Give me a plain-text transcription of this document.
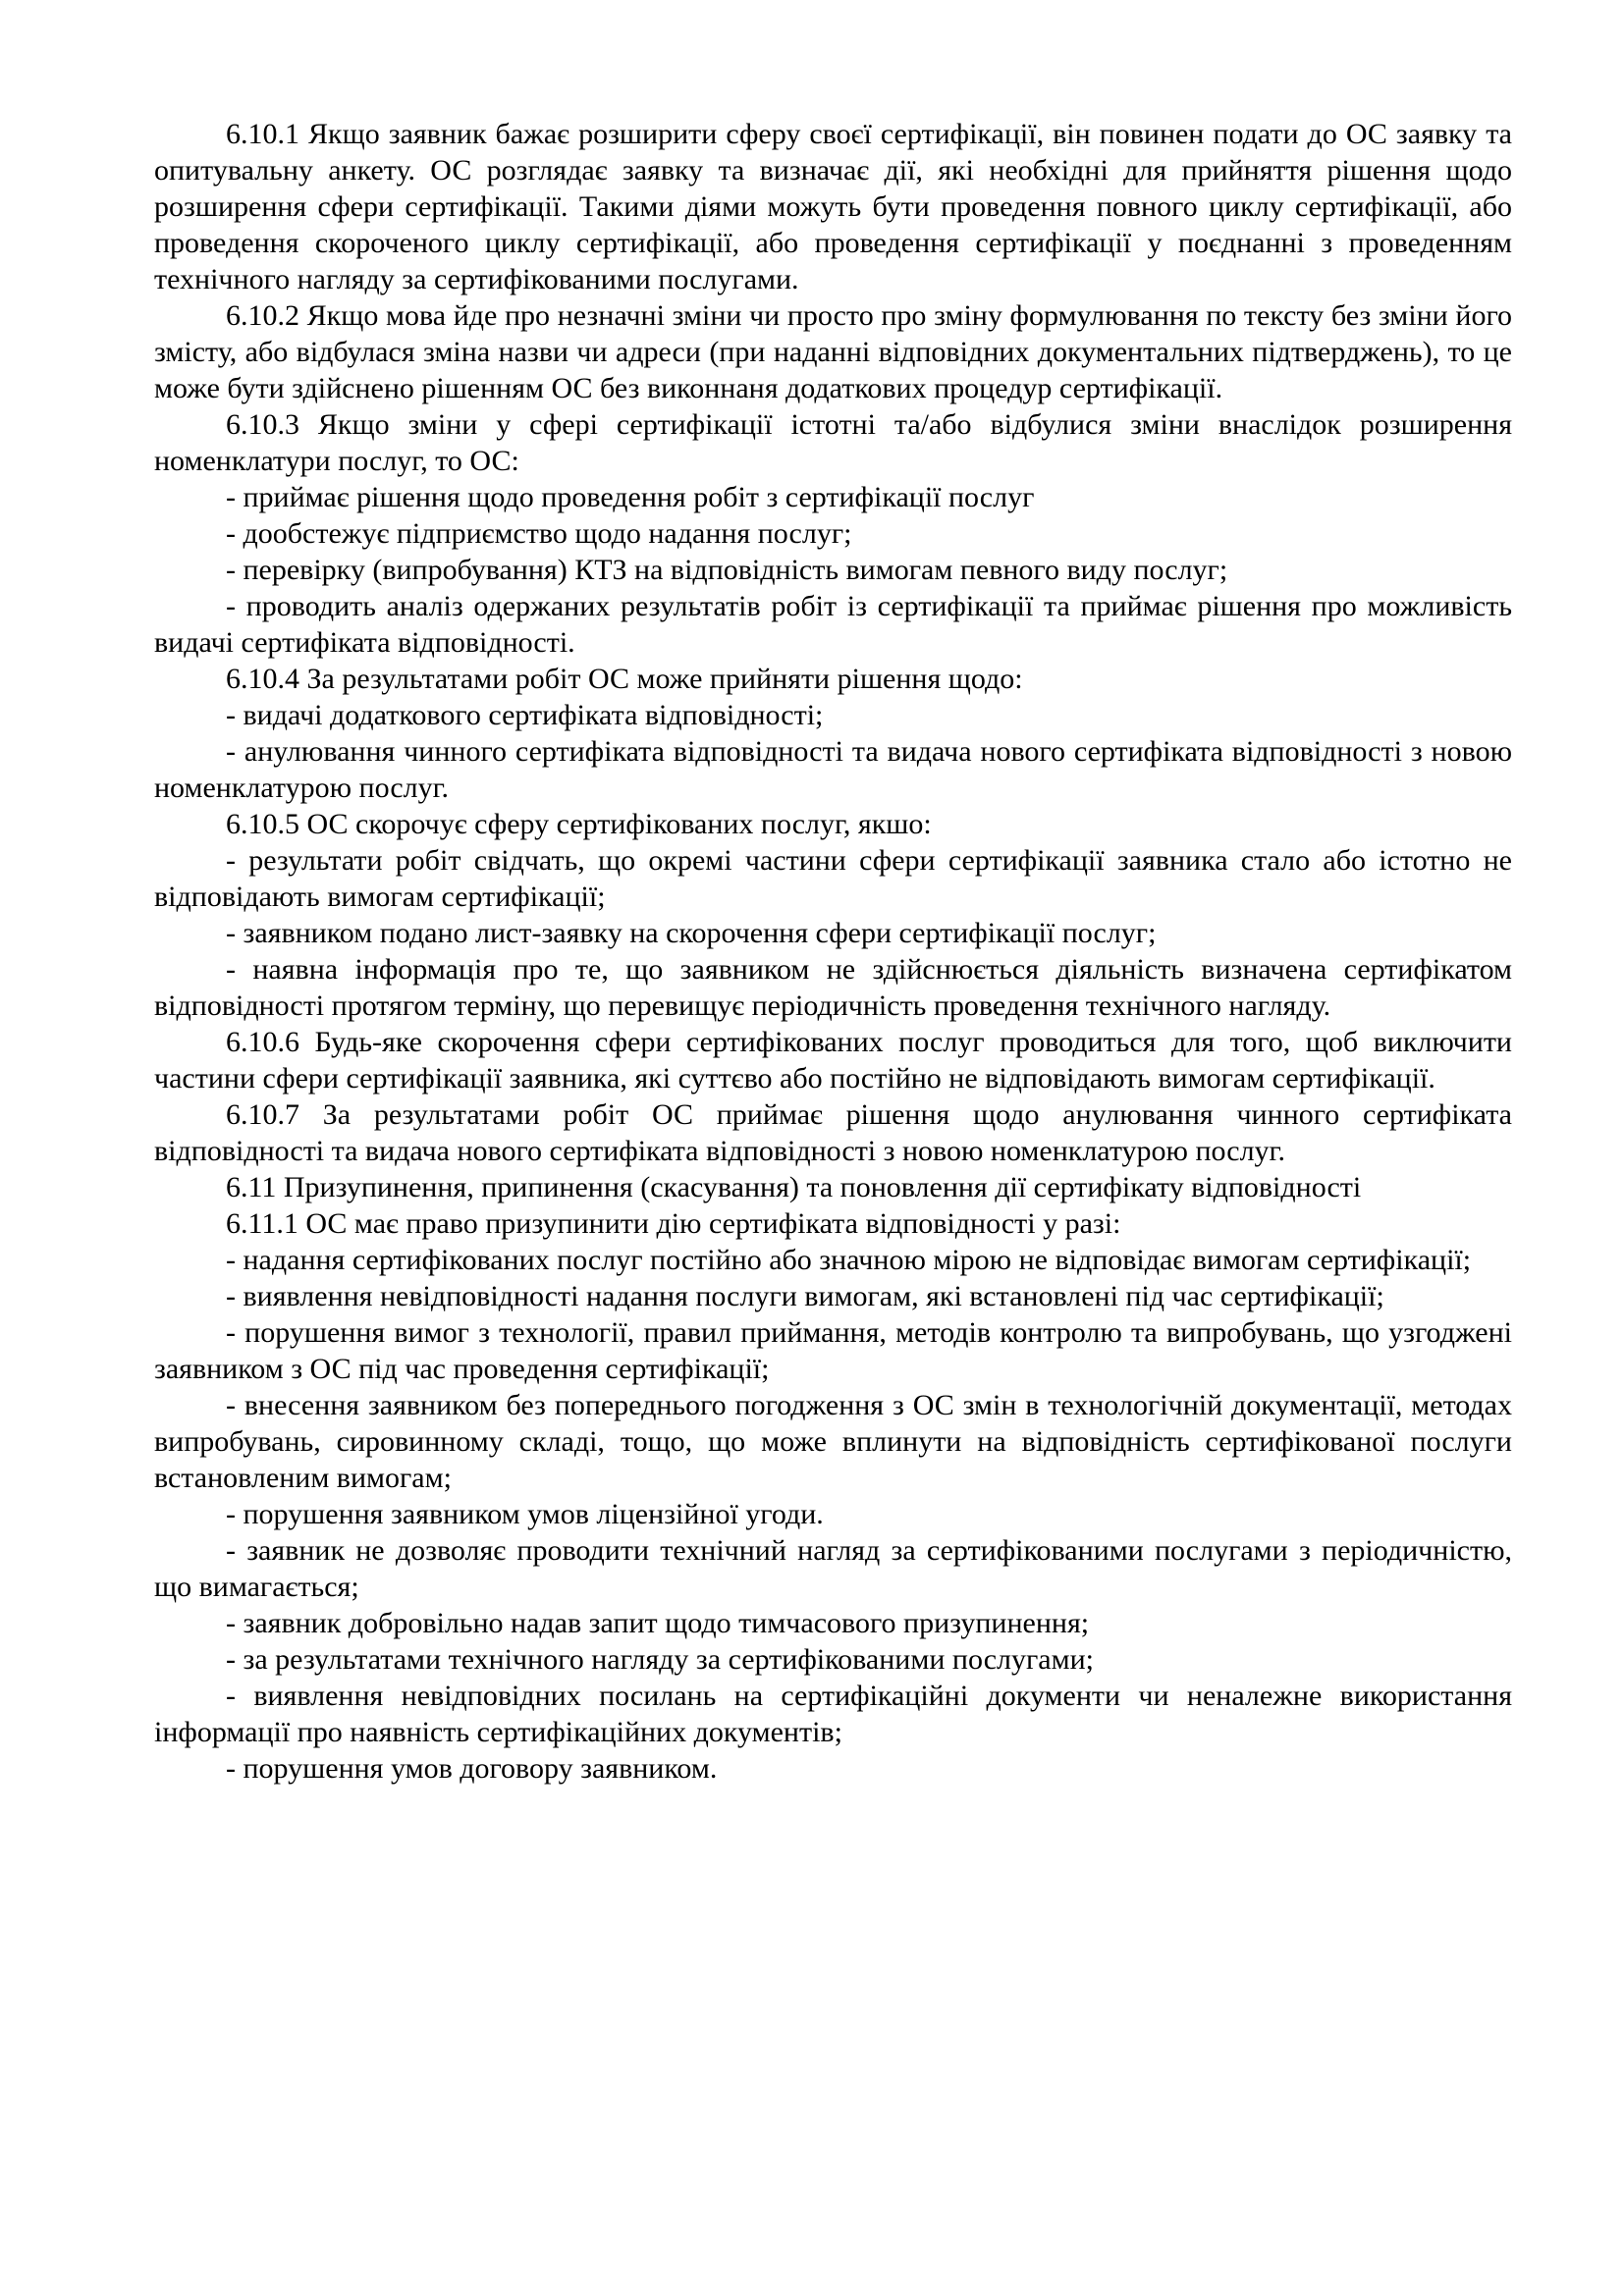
6.10.1 Якщо заявник бажає розширити сферу своєї сертифікації, він повинен подати до ОС заявку та опитувальну анкету. ОС розглядає заявку та визначає дії, які необхідні для прийняття рішення щодо розширення сфери сертифікації. Такими діями можуть бути проведення повного циклу сертифікації, або проведення скороченого циклу сертифікації, або проведення сертифікації у поєднанні з проведенням технічного нагляду за сертифікованими послугами.

6.10.2 Якщо мова йде про незначні зміни чи просто про зміну формулювання по тексту без зміни його змісту, або відбулася зміна назви чи адреси (при наданні відповідних документальних підтверджень), то це може бути здійснено рішенням ОС без виконнаня додаткових процедур сертифікації.

6.10.3 Якщо зміни у сфері сертифікації істотні та/або відбулися зміни внаслідок розширення номенклатури послуг, то ОС:

- приймає рішення щодо проведення робіт з сертифікації послуг

- дообстежує підприємство щодо надання послуг;

- перевірку (випробування) КТЗ на відповідність вимогам певного виду послуг;

- проводить аналіз одержаних результатів робіт із сертифікації та приймає рішення про можливість видачі сертифіката відповідності.

6.10.4 За результатами робіт ОС може прийняти рішення щодо:

- видачі додаткового сертифіката відповідності;

- анулювання чинного сертифіката відповідності та видача нового сертифіката відповідності з новою номенклатурою послуг.

6.10.5 ОС скорочує сферу сертифікованих послуг, якшо:

- результати робіт свідчать, що окремі частини сфери сертифікації заявника стало або істотно не відповідають вимогам сертифікації;

- заявником подано лист-заявку на скорочення сфери сертифікації послуг;

- наявна інформація про те, що заявником не здійснюється діяльність визначена сертифікатом відповідності протягом терміну, що перевищує періодичність проведення технічного нагляду.

6.10.6 Будь-яке скорочення сфери сертифікованих послуг проводиться для того, щоб виключити частини сфери сертифікації заявника, які суттєво або постійно не відповідають вимогам сертифікації.

6.10.7 За результатами робіт ОС приймає рішення щодо анулювання чинного сертифіката відповідності та видача нового сертифіката відповідності з новою номенклатурою послуг.

6.11 Призупинення, припинення (скасування) та поновлення дії сертифікату відповідності

6.11.1 ОС має право призупинити дію сертифіката відповідності у разі:

- надання сертифікованих послуг постійно або значною мірою не відповідає вимогам сертифікації;

- виявлення невідповідності надання послуги вимогам, які встановлені під час сертифікації;

- порушення вимог з технології, правил приймання, методів контролю та випробувань, що узгоджені заявником з ОС під час проведення сертифікації;

- внесення заявником без попереднього погодження з ОС змін в технологічній документації, методах випробувань, сировинному складі, тощо, що може вплинути на відповідність сертифікованої послуги встановленим вимогам;

- порушення заявником умов ліцензійної угоди.

- заявник не дозволяє проводити технічний нагляд за сертифікованими послугами з періодичністю, що вимагається;

- заявник добровільно надав запит щодо тимчасового призупинення;

- за результатами технічного нагляду за сертифікованими послугами;

- виявлення невідповідних посилань на сертифікаційні документи чи неналежне використання інформації про наявність сертифікаційних документів;

- порушення умов договору заявником.
